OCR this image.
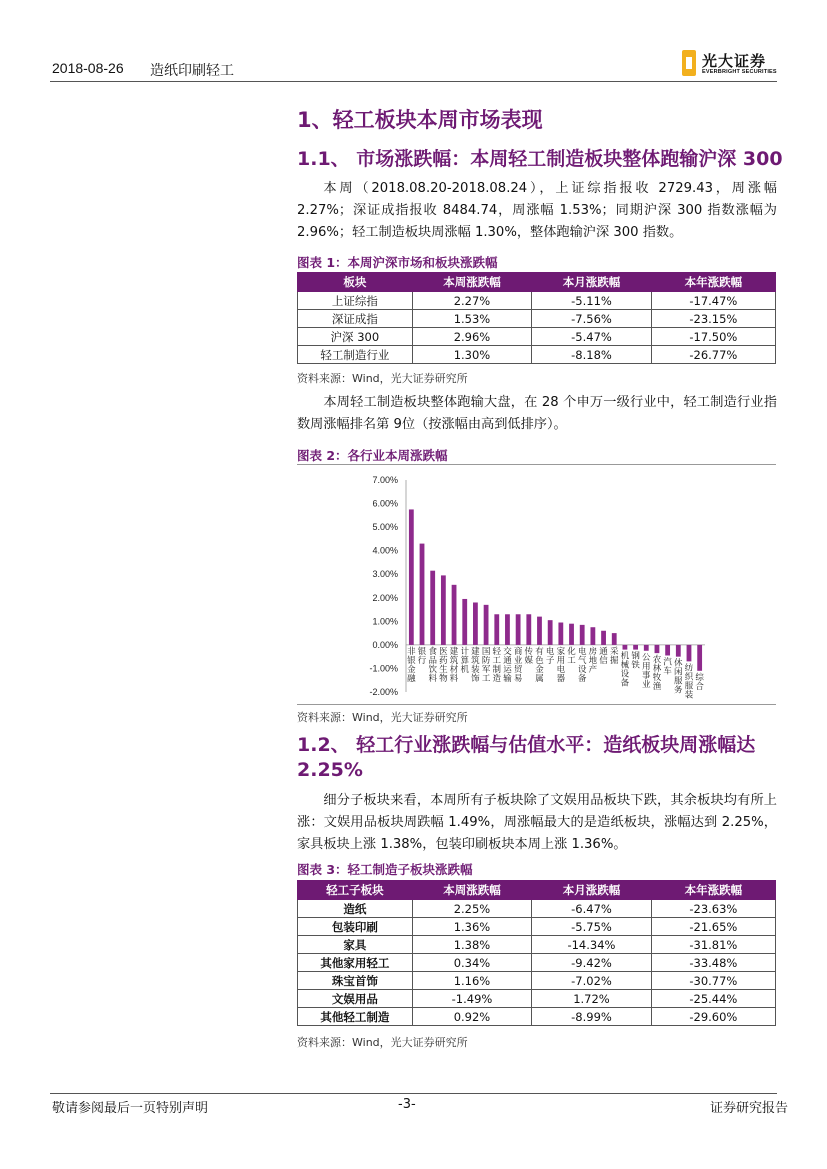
2018-08-26 造纸印刷轻工
光大证券
EVERBRIGHT SECURITIES
1、轻工板块本周市场表现
1.1、 市场涨跌幅：本周轻工制造板块整体跑输沪深 300
本周（2018.08.20-2018.08.24），上证综指报收 2729.43，周涨幅 2.27%；深证成指报收 8484.74，周涨幅 1.53%；同期沪深 300 指数涨幅为 2.96%；轻工制造板块周涨幅 1.30%，整体跑输沪深 300 指数。
图表 1：本周沪深市场和板块涨跌幅
板块	本周涨跌幅	本月涨跌幅	本年涨跌幅
上证综指	2.27%	-5.11%	-17.47%
深证成指	1.53%	-7.56%	-23.15%
沪深 300	2.96%	-5.47%	-17.50%
轻工制造行业	1.30%	-8.18%	-26.77%
资料来源：Wind，光大证券研究所
本周轻工制造板块整体跑输大盘，在 28 个申万一级行业中，轻工制造行业指数周涨幅排名第 9位（按涨幅由高到低排序）。
图表 2：各行业本周涨跌幅
7.00%
6.00%
5.00%
4.00%
3.00%
2.00%
1.00%
0.00%
-1.00%
-2.00%
非银金融
银行
食品饮料
医药生物
建筑材料
计算机
建筑装饰
国防军工
轻工制造
交通运输
商业贸易
传媒
有色金属
电子
家用电器
化工
电气设备
房地产
通信
采掘 机械设备
钢铁
公用事业
农林牧渔
汽车
休闲服务
纺织服装
综合
资料来源：Wind，光大证券研究所
1.2、 轻工行业涨跌幅与估值水平：造纸板块周涨幅达
2.25%
细分子板块来看，本周所有子板块除了文娱用品板块下跌，其余板块均有所上涨：文娱用品板块周跌幅 1.49%，周涨幅最大的是造纸板块，涨幅达到 2.25%，家具板块上涨 1.38%，包装印刷板块本周上涨 1.36%。
图表 3：轻工制造子板块涨跌幅
轻工子板块	本周涨跌幅	本月涨跌幅	本年涨跌幅
造纸	2.25%	-6.47%	-23.63%
包装印刷	1.36%	-5.75%	-21.65%
家具	1.38%	-14.34%	-31.81%
其他家用轻工	0.34%	-9.42%	-33.48%
珠宝首饰	1.16%	-7.02%	-30.77%
文娱用品	-1.49%	1.72%	-25.44%
其他轻工制造	0.92%	-8.99%	-29.60%
资料来源：Wind，光大证券研究所
敬请参阅最后一页特别声明	-3-	证券研究报告
